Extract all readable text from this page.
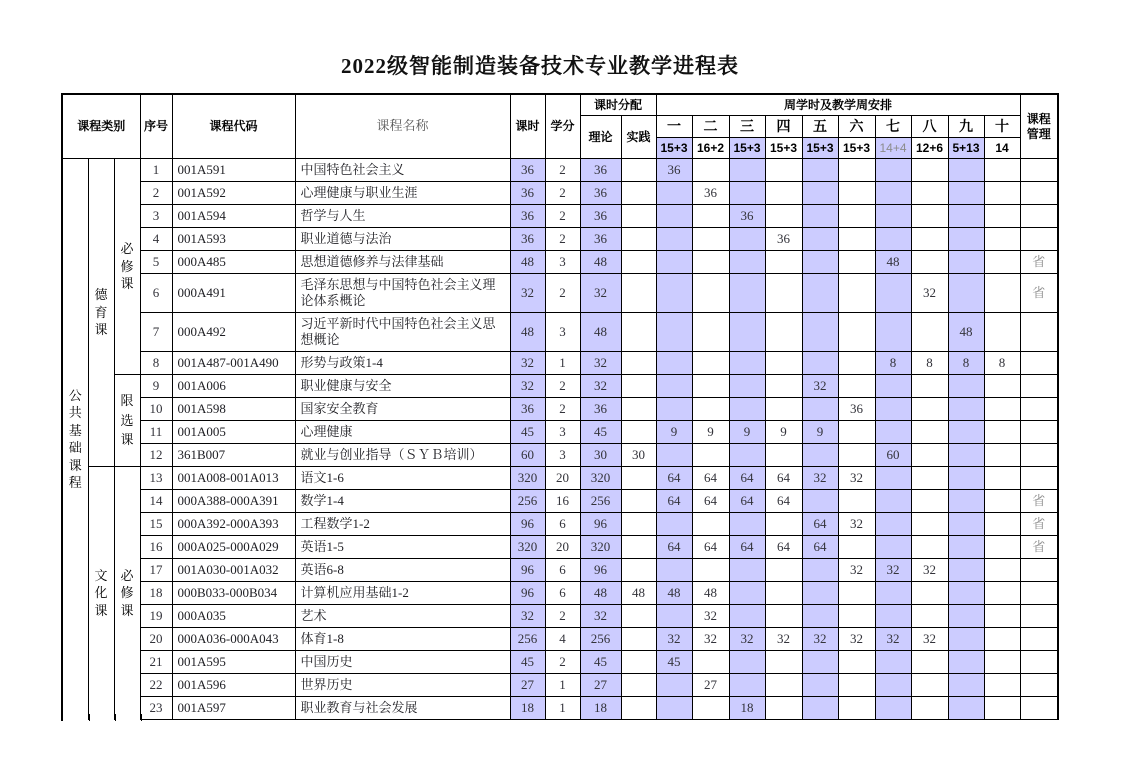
2022级智能制造装备技术专业教学进程表
课程类别			序号	课程代码	课程名称	课时	学分	课时分配		周学时及教学周安排										课程管理
								理论	实践	一	二	三	四	五	六	七	八	九	十	
										15+3	16+2	15+3	15+3	15+3	15+3	14+4	12+6	5+13	14	
公
共
基
础
课
程	德
育
课	必
修
课	1	001A591	中国特色社会主义	36	2	36		36										
			2	001A592	心理健康与职业生涯	36	2	36			36									
			3	001A594	哲学与人生	36	2	36				36								
			4	001A593	职业道德与法治	36	2	36					36							
			5	000A485	思想道德修养与法律基础	48	3	48								48				省
			6	000A491	毛泽东思想与中国特色社会主义理论体系概论	32	2	32									32			省
			7	000A492	习近平新时代中国特色社会主义思想概论	48	3	48										48		
			8	001A487-001A490	形势与政策1-4	32	1	32								8	8	8	8	
		限选课	9	001A006	职业健康与安全	32	2	32						32						
			10	001A598	国家安全教育	36	2	36							36					
			11	001A005	心理健康	45	3	45		9	9	9	9	9						
			12	361B007	就业与创业指导（ＳＹＢ培训）	60	3	30	30							60				
	文
化
课	必
修
课	13	001A008-001A013	语文1-6	320	20	320		64	64	64	64	32	32					
			14	000A388-000A391	数学1-4	256	16	256		64	64	64	64							省
			15	000A392-000A393	工程数学1-2	96	6	96						64	32					省
			16	000A025-000A029	英语1-5	320	20	320		64	64	64	64	64						省
			17	001A030-001A032	英语6-8	96	6	96							32	32	32			
			18	000B033-000B034	计算机应用基础1-2	96	6	48	48	48	48									
			19	000A035	艺术	32	2	32			32									
			20	000A036-000A043	体育1-8	256	4	256		32	32	32	32	32	32	32	32			
			21	001A595	中国历史	45	2	45		45										
			22	001A596	世界历史	27	1	27			27									
			23	001A597	职业教育与社会发展	18	1	18				18								
